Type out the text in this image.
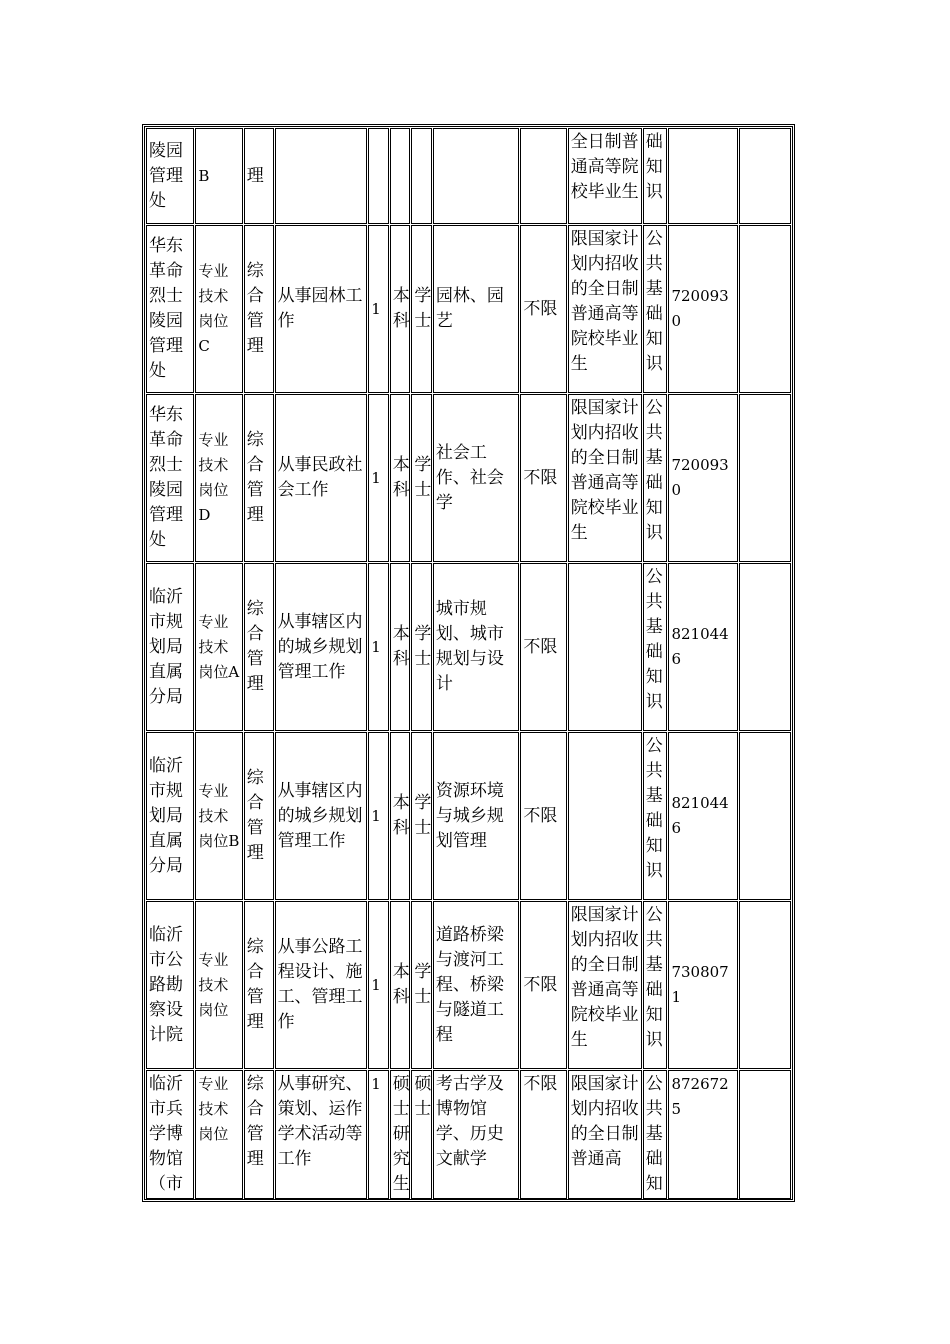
陵园管理处	B	理							全日制普通高等院校毕业生	础知识		
华东革命烈士陵园管理处	专业技术岗位C	综合管理	从事园林工作	1	本科	学士	园林、园艺	不限	限国家计划内招收的全日制普通高等院校毕业生	公共基础知识	7200930	
华东革命烈士陵园管理处	专业技术岗位D	综合管理	从事民政社会工作	1	本科	学士	社会工作、社会学	不限	限国家计划内招收的全日制普通高等院校毕业生	公共基础知识	7200930	
临沂市规划局直属分局	专业技术岗位A	综合管理	从事辖区内的城乡规划管理工作	1	本科	学士	城市规划、城市规划与设计	不限		公共基础知识	8210446	
临沂市规划局直属分局	专业技术岗位B	综合管理	从事辖区内的城乡规划管理工作	1	本科	学士	资源环境与城乡规划管理	不限		公共基础知识	8210446	
临沂市公路勘察设计院	专业技术岗位	综合管理	从事公路工程设计、施工、管理工作	1	本科	学士	道路桥梁与渡河工程、桥梁与隧道工程	不限	限国家计划内招收的全日制普通高等院校毕业生	公共基础知识	7308071	
临沂市兵学博物馆（市	专业技术岗位	综合管理	从事研究、策划、运作学术活动等工作	1	硕士研究生	硕士	考古学及博物馆学、历史文献学	不限	限国家计划内招收的全日制普通高	公共基础知	8726725	
